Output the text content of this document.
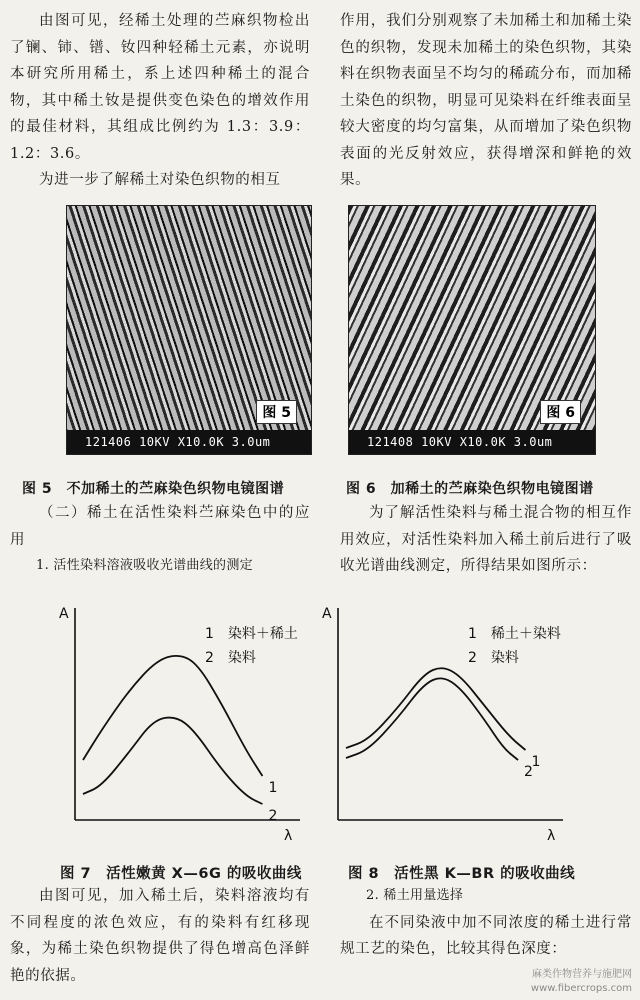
由图可见，经稀土处理的苎麻织物检出了镧、铈、镨、钕四种轻稀土元素，亦说明本研究所用稀土，系上述四种稀土的混合物，其中稀土钕是提供变色染色的增效作用的最佳材料，其组成比例约为 1.3：3.9：1.2：3.6。

为进一步了解稀土对染色织物的相互

作用，我们分别观察了未加稀土和加稀土染色的织物，发现未加稀土的染色织物，其染料在织物表面呈不均匀的稀疏分布，而加稀土染色的织物，明显可见染料在纤维表面呈较大密度的均匀富集，从而增加了染色织物表面的光反射效应，获得增深和鲜艳的效果。

图 5
121406 10KV X10.0K 3.0um
图 6
121408 10KV X10.0K 3.0um
图 5　不加稀土的苎麻染色织物电镜图谱	图 6　加稀土的苎麻染色织物电镜图谱

（二）稀土在活性染料苎麻染色中的应用

1. 活性染料溶液吸收光谱曲线的测定

为了解活性染料与稀土混合物的相互作用效应，对活性染料加入稀土前后进行了吸收光谱曲线测定，所得结果如图所示：

A
λ
1　染料＋稀土
2　染料
1
2
A
λ
1　稀土＋染料
2　染料
1
2
图 7　活性嫩黄 X—6G 的吸收曲线	图 8　活性黑 K—BR 的吸收曲线

由图可见，加入稀土后，染料溶液均有不同程度的浓色效应，有的染料有红移现象，为稀土染色织物提供了得色增高色泽鲜艳的依据。

2. 稀土用量选择

在不同染液中加不同浓度的稀土进行常规工艺的染色，比较其得色深度：

麻类作物营养与施肥网
www.fibercrops.com
